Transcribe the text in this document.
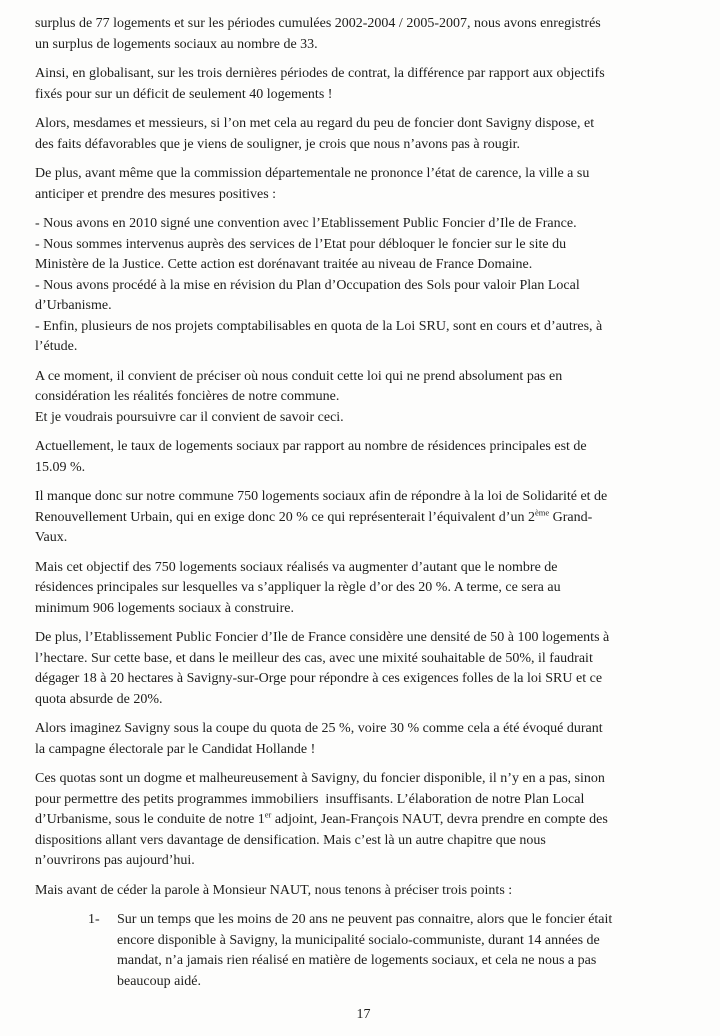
surplus de 77 logements et sur les périodes cumulées 2002-2004 / 2005-2007, nous avons enregistrés
un surplus de logements sociaux au nombre de 33.

Ainsi, en globalisant, sur les trois dernières périodes de contrat, la différence par rapport aux objectifs
fixés pour sur un déficit de seulement 40 logements !

Alors, mesdames et messieurs, si l’on met cela au regard du peu de foncier dont Savigny dispose, et
des faits défavorables que je viens de souligner, je crois que nous n’avons pas à rougir.

De plus, avant même que la commission départementale ne prononce l’état de carence, la ville a su
anticiper et prendre des mesures positives :

- Nous avons en 2010 signé une convention avec l’Etablissement Public Foncier d’Ile de France.
- Nous sommes intervenus auprès des services de l’Etat pour débloquer le foncier sur le site du
Ministère de la Justice. Cette action est dorénavant traitée au niveau de France Domaine.
- Nous avons procédé à la mise en révision du Plan d’Occupation des Sols pour valoir Plan Local
d’Urbanisme.
- Enfin, plusieurs de nos projets comptabilisables en quota de la Loi SRU, sont en cours et d’autres, à
l’étude.

A ce moment, il convient de préciser où nous conduit cette loi qui ne prend absolument pas en
considération les réalités foncières de notre commune.
Et je voudrais poursuivre car il convient de savoir ceci.

Actuellement, le taux de logements sociaux par rapport au nombre de résidences principales est de
15.09 %.

Il manque donc sur notre commune 750 logements sociaux afin de répondre à la loi de Solidarité et de
Renouvellement Urbain, qui en exige donc 20 % ce qui représenterait l’équivalent d’un 2ème Grand-
Vaux.

Mais cet objectif des 750 logements sociaux réalisés va augmenter d’autant que le nombre de
résidences principales sur lesquelles va s’appliquer la règle d’or des 20 %. A terme, ce sera au
minimum 906 logements sociaux à construire.

De plus, l’Etablissement Public Foncier d’Ile de France considère une densité de 50 à 100 logements à
l’hectare. Sur cette base, et dans le meilleur des cas, avec une mixité souhaitable de 50%, il faudrait
dégager 18 à 20 hectares à Savigny-sur-Orge pour répondre à ces exigences folles de la loi SRU et ce
quota absurde de 20%.

Alors imaginez Savigny sous la coupe du quota de 25 %, voire 30 % comme cela a été évoqué durant
la campagne électorale par le Candidat Hollande !

Ces quotas sont un dogme et malheureusement à Savigny, du foncier disponible, il n’y en a pas, sinon
pour permettre des petits programmes immobiliers  insuffisants. L’élaboration de notre Plan Local
d’Urbanisme, sous le conduite de notre 1er adjoint, Jean-François NAUT, devra prendre en compte des
dispositions allant vers davantage de densification. Mais c’est là un autre chapitre que nous
n’ouvrirons pas aujourd’hui.

Mais avant de céder la parole à Monsieur NAUT, nous tenons à préciser trois points :

1- Sur un temps que les moins de 20 ans ne peuvent pas connaitre, alors que le foncier était
encore disponible à Savigny, la municipalité socialo-communiste, durant 14 années de
mandat, n’a jamais rien réalisé en matière de logements sociaux, et cela ne nous a pas
beaucoup aidé.
17
